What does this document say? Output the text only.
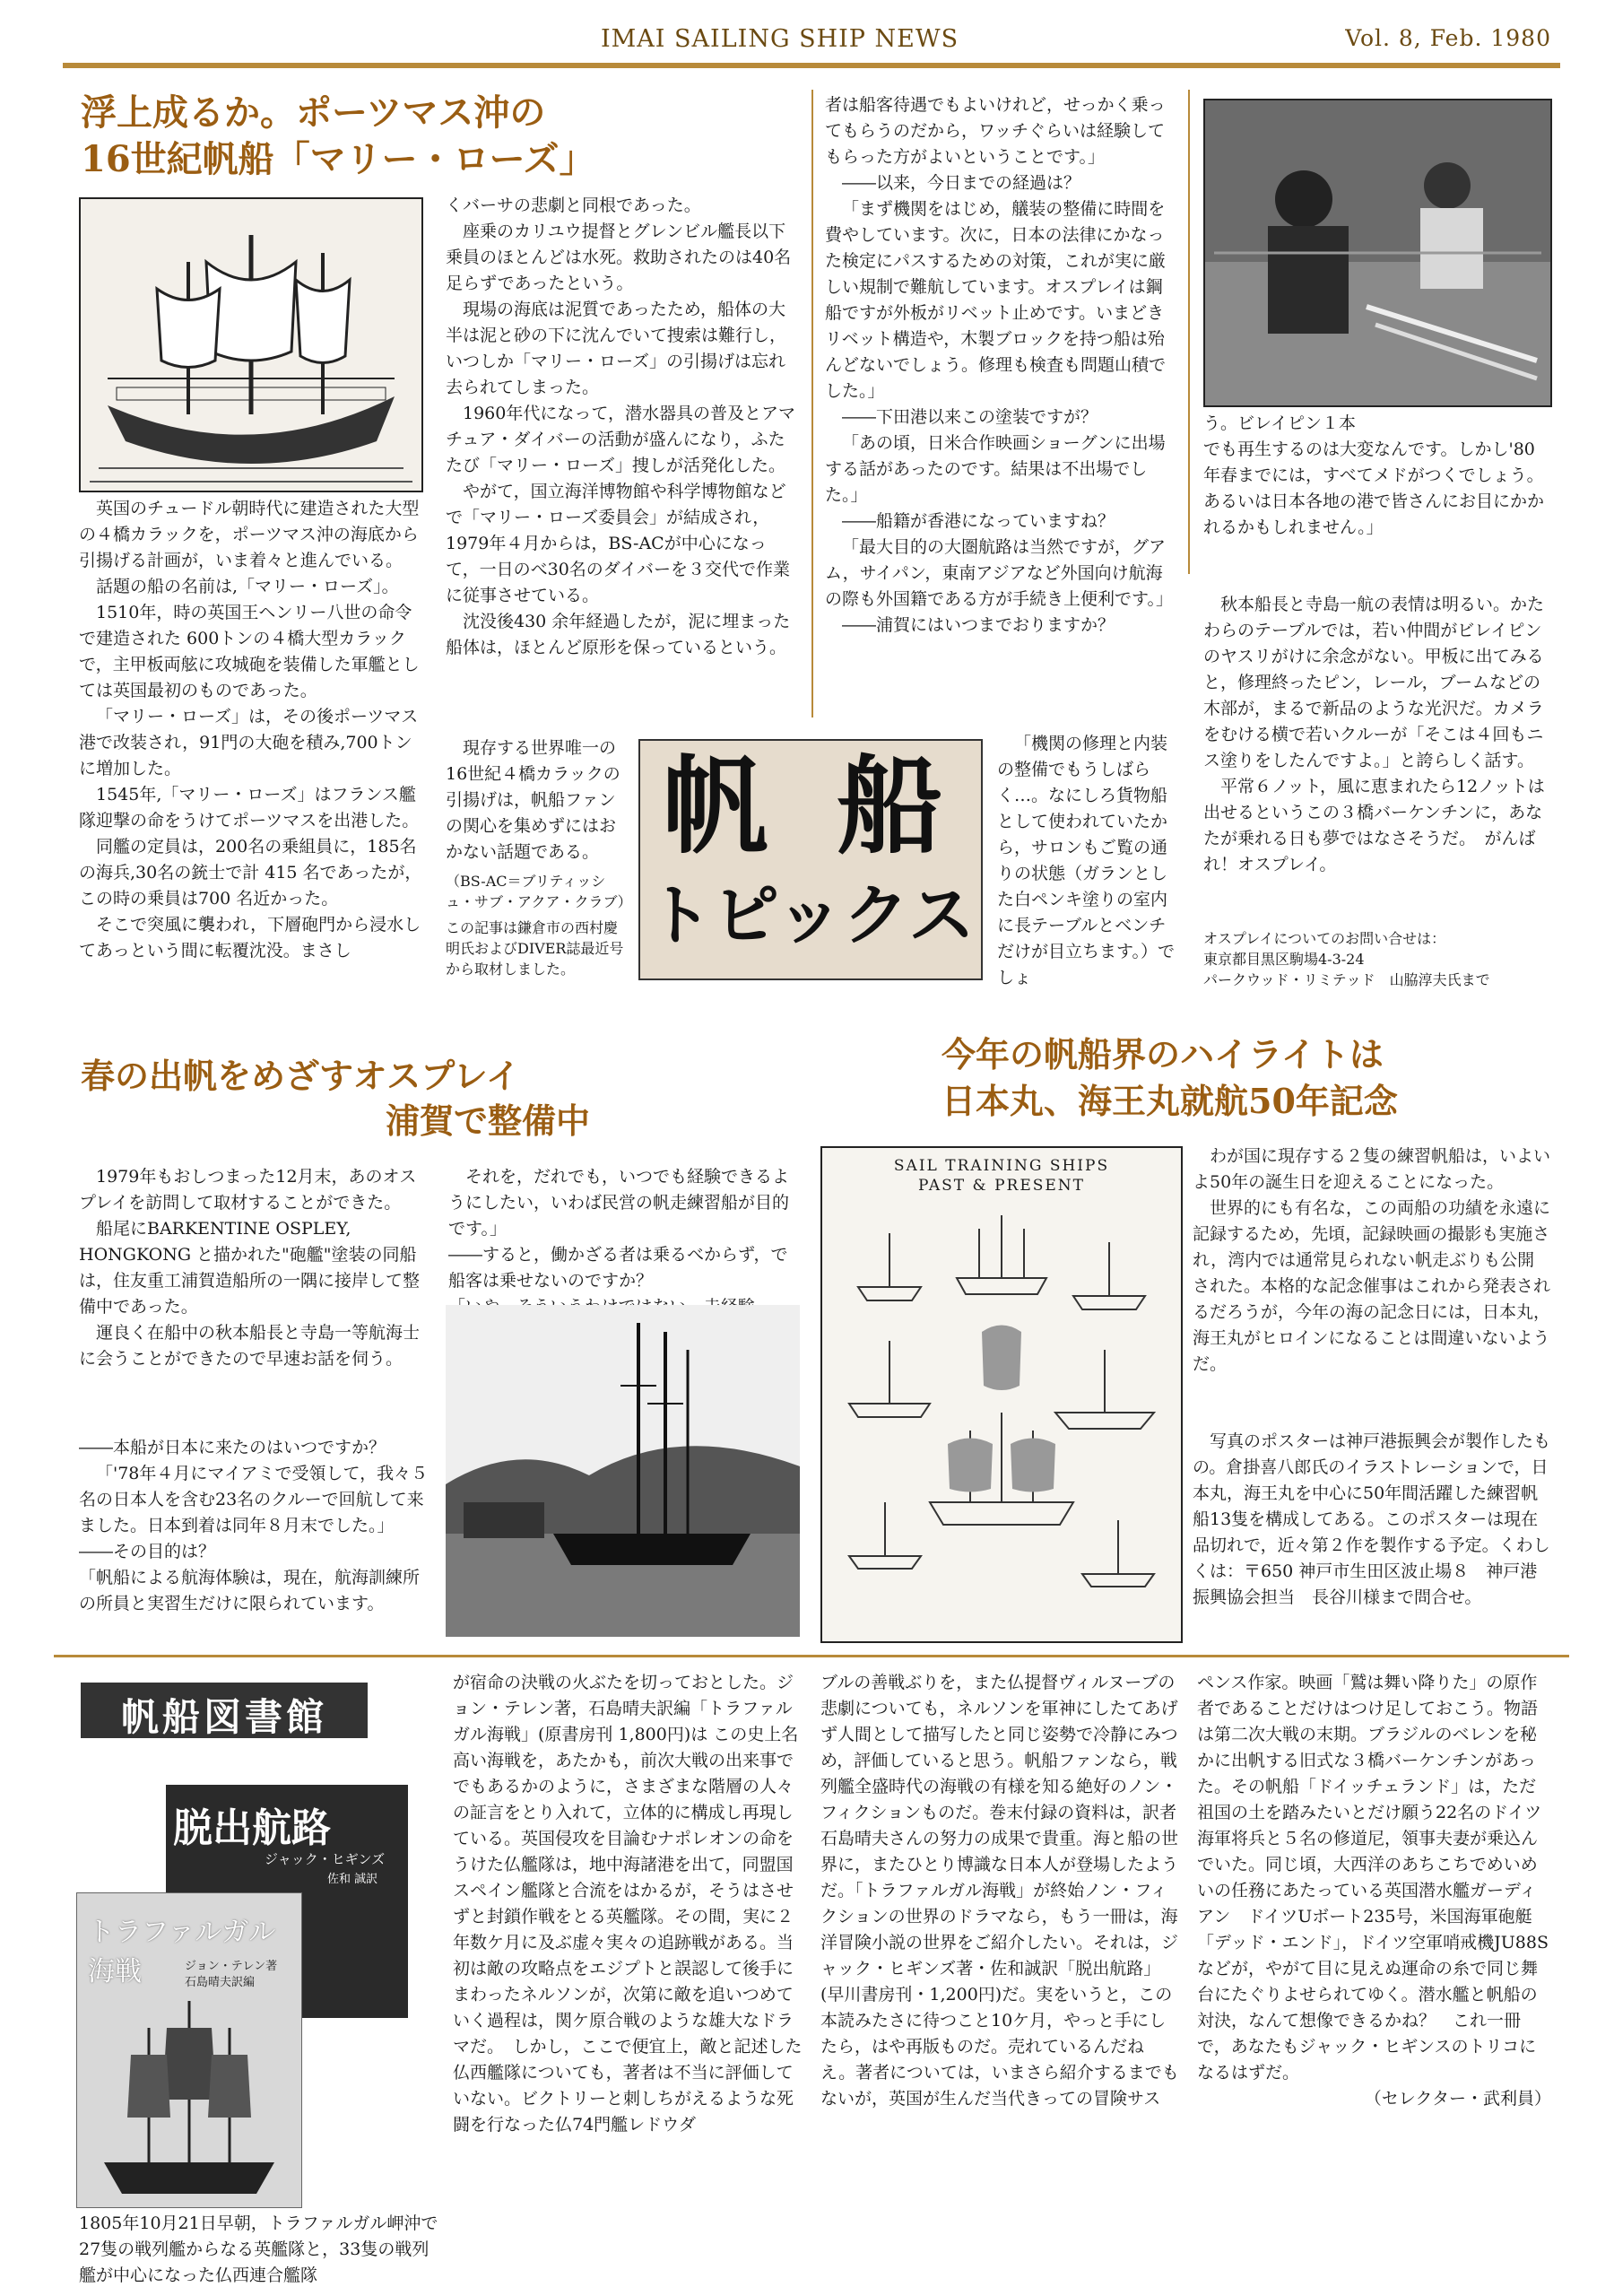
IMAI SAILING SHIP NEWS	Vol. 8, Feb. 1980
浮上成るか。ポーツマス沖の
16世紀帆船「マリー・ローズ」

英国のチュードル朝時代に建造された大型の４橋カラックを，ポーツマス沖の海底から引揚げる計画が，いま着々と進んでいる。

話題の船の名前は,「マリー・ローズ」。

1510年，時の英国王ヘンリー八世の命令で建造された 600トンの４橋大型カラックで，主甲板両舷に攻城砲を装備した軍艦としては英国最初のものであった。

「マリー・ローズ」は，その後ポーツマス港で改装され，91門の大砲を積み,700トンに増加した。

1545年,「マリー・ローズ」はフランス艦隊迎撃の命をうけてポーツマスを出港した。

同艦の定員は，200名の乗組員に，185名の海兵,30名の銃士で計 415 名であったが，この時の乗員は700 名近かった。

そこで突風に襲われ，下層砲門から浸水してあっという間に転覆沈没。まさし

くバーサの悲劇と同根であった。

座乗のカリユウ提督とグレンビル艦長以下乗員のほとんどは水死。救助されたのは40名足らずであったという。

現場の海底は泥質であったため，船体の大半は泥と砂の下に沈んでいて捜索は難行し，いつしか「マリー・ローズ」の引揚げは忘れ去られてしまった。

1960年代になって，潜水器具の普及とアマチュア・ダイバーの活動が盛んになり，ふたたび「マリー・ローズ」捜しが活発化した。

やがて，国立海洋博物館や科学博物館などで「マリー・ローズ委員会」が結成され，1979年４月からは，BS-ACが中心になって，一日のべ30名のダイバーを３交代で作業に従事させている。

沈没後430 余年経過したが，泥に埋まった船体は，ほとんど原形を保っているという。

現存する世界唯一の16世紀４橋カラックの引揚げは，帆船ファンの関心を集めずにはおかない話題である。

（BS-AC＝ブリティッシュ・サブ・アクア・クラブ）
この記事は鎌倉市の西村慶明氏およびDIVER誌最近号から取材しました。
帆 船
トピックス

者は船客待遇でもよいけれど，せっかく乗ってもらうのだから，ワッチぐらいは経験してもらった方がよいということです。」

――以来，今日までの経過は？

「まず機関をはじめ，艤装の整備に時間を費やしています。次に，日本の法律にかなった検定にパスするための対策，これが実に厳しい規制で難航しています。オスプレイは鋼船ですが外板がリベット止めです。いまどきリベット構造や，木製ブロックを持つ船は殆んどないでしょう。修理も検査も問題山積でした。」

――下田港以来この塗装ですが？

「あの頃，日米合作映画ショーグンに出場する話があったのです。結果は不出場でした。」

――船籍が香港になっていますね？

「最大目的の大圏航路は当然ですが，グアム，サイパン，東南アジアなど外国向け航海の際も外国籍である方が手続き上便利です。」

――浦賀にはいつまでおりますか？

「機関の修理と内装の整備でもうしばらく…。なにしろ貨物船として使われていたから，サロンもご覧の通りの状態（ガランとした白ペンキ塗りの室内に長テーブルとベンチだけが目立ちます。）でしょ

う。ビレイピン１本

でも再生するのは大変なんです。しかし'80年春までには，すべてメドがつくでしょう。あるいは日本各地の港で皆さんにお目にかかれるかもしれません。」

秋本船長と寺島一航の表情は明るい。かたわらのテーブルでは，若い仲間がビレイピンのヤスリがけに余念がない。甲板に出てみると，修理終ったピン，レール，ブームなどの木部が，まるで新品のような光沢だ。カメラをむける横で若いクルーが「そこは４回もニス塗りをしたんですよ。」と誇らしく話す。

平常６ノット，風に恵まれたら12ノットは出せるというこの３橋バーケンチンに，あなたが乗れる日も夢ではなさそうだ。　がんばれ！オスプレイ。

オスプレイについてのお問い合せは：
東京都目黒区駒場4-3-24
パークウッド・リミテッド　山脇淳夫氏まで
春の出帆をめざすオスプレイ
浦賀で整備中

1979年もおしつまった12月末，あのオスプレイを訪問して取材することができた。

船尾にBARKENTINE OSPLEY, HONGKONG と描かれた"砲艦"塗装の同船は，住友重工浦賀造船所の一隅に接岸して整備中であった。

運良く在船中の秋本船長と寺島一等航海士に会うことができたので早速お話を伺う。

――本船が日本に来たのはいつですか？

「'78年４月にマイアミで受領して，我々５名の日本人を含む23名のクルーで回航して来ました。日本到着は同年８月末でした。」

――その目的は？

「帆船による航海体験は，現在，航海訓練所の所員と実習生だけに限られています。

それを，だれでも，いつでも経験できるようにしたい，いわば民営の帆走練習船が目的です。」

――すると，働かざる者は乗るべからず，で船客は乗せないのですか？

今年の帆船界のハイライトは
日本丸、海王丸就航50年記念
SAIL TRAINING SHIPS
PAST & PRESENT

わが国に現存する２隻の練習帆船は，いよいよ50年の誕生日を迎えることになった。

世界的にも有名な，この両船の功績を永遠に記録するため，先頃，記録映画の撮影も実施され，湾内では通常見られない帆走ぶりも公開された。本格的な記念催事はこれから発表されるだろうが，今年の海の記念日には，日本丸，海王丸がヒロインになることは間違いないようだ。

写真のポスターは神戸港振興会が製作したもの。倉掛喜八郎氏のイラストレーションで，日本丸，海王丸を中心に50年間活躍した練習帆船13隻を構成してある。このポスターは現在品切れで，近々第２作を製作する予定。くわしくは：〒650 神戸市生田区波止場８　神戸港振興協会担当　長谷川様まで問合せ。

帆船図書館
脱出航路
ジャック・ヒギンズ
佐和 誠訳
トラファルガル海戦	ジョン・テレン著
石島晴夫訳編

1805年10月21日早朝，トラファルガル岬沖で27隻の戦列艦からなる英艦隊と，33隻の戦列艦が中心になった仏西連合艦隊

が宿命の決戦の火ぶたを切っておとした。ジョン・テレン著，石島晴夫訳編「トラファルガル海戦」(原書房刊 1,800円)は この史上名高い海戦を，あたかも，前次大戦の出来事ででもあるかのように，さまざまな階層の人々の証言をとり入れて，立体的に構成し再現している。英国侵攻を目論むナポレオンの命をうけた仏艦隊は，地中海諸港を出て，同盟国スペイン艦隊と合流をはかるが，そうはさせずと封鎖作戦をとる英艦隊。その間，実に２年数ケ月に及ぶ虚々実々の追跡戦がある。当初は敵の攻略点をエジプトと誤認して後手にまわったネルソンが，次第に敵を追いつめていく過程は，関ケ原合戦のような雄大なドラマだ。　しかし，ここで便宜上，敵と記述した仏西艦隊についても，著者は不当に評価していない。ビクトリーと刺しちがえるような死闘を行なった仏74門艦レドウダ

ブルの善戦ぶりを，また仏提督ヴィルヌーブの悲劇についても，ネルソンを軍神にしたてあげず人間として描写したと同じ姿勢で冷静にみつめ，評価していると思う。帆船ファンなら，戦列艦全盛時代の海戦の有様を知る絶好のノン・フィクションものだ。巻末付録の資料は，訳者石島晴夫さんの努力の成果で貴重。海と船の世界に，またひとり博識な日本人が登場したようだ。「トラファルガル海戦」が終始ノン・フィクションの世界のドラマなら，もう一冊は，海洋冒険小説の世界をご紹介したい。それは，ジャック・ヒギンズ著・佐和誠訳「脱出航路」(早川書房刊・1,200円)だ。実をいうと，この本読みたさに待つこと10ケ月，やっと手にしたら，はや再版ものだ。売れているんだねえ。著者については，いまさら紹介するまでもないが，英国が生んだ当代きっての冒険サス

ペンス作家。映画「鷲は舞い降りた」の原作者であることだけはつけ足しておこう。物語は第二次大戦の末期。ブラジルのベレンを秘かに出帆する旧式な３橋バーケンチンがあった。その帆船「ドイッチェランド」は，ただ祖国の土を踏みたいとだけ願う22名のドイツ海軍将兵と５名の修道尼，領事夫妻が乗込んでいた。同じ頃，大西洋のあちこちでめいめいの任務にあたっている英国潜水艦ガーディアン　ドイツUボート235号，米国海軍砲艇「デッド・エンド」，ドイツ空軍哨戒機JU88Sなどが，やがて目に見えぬ運命の糸で同じ舞台にたぐりよせられてゆく。潜水艦と帆船の対決，なんて想像できるかね？　これ一冊で，あなたもジャック・ヒギンスのトリコになるはずだ。

（セレクター・武利員）
